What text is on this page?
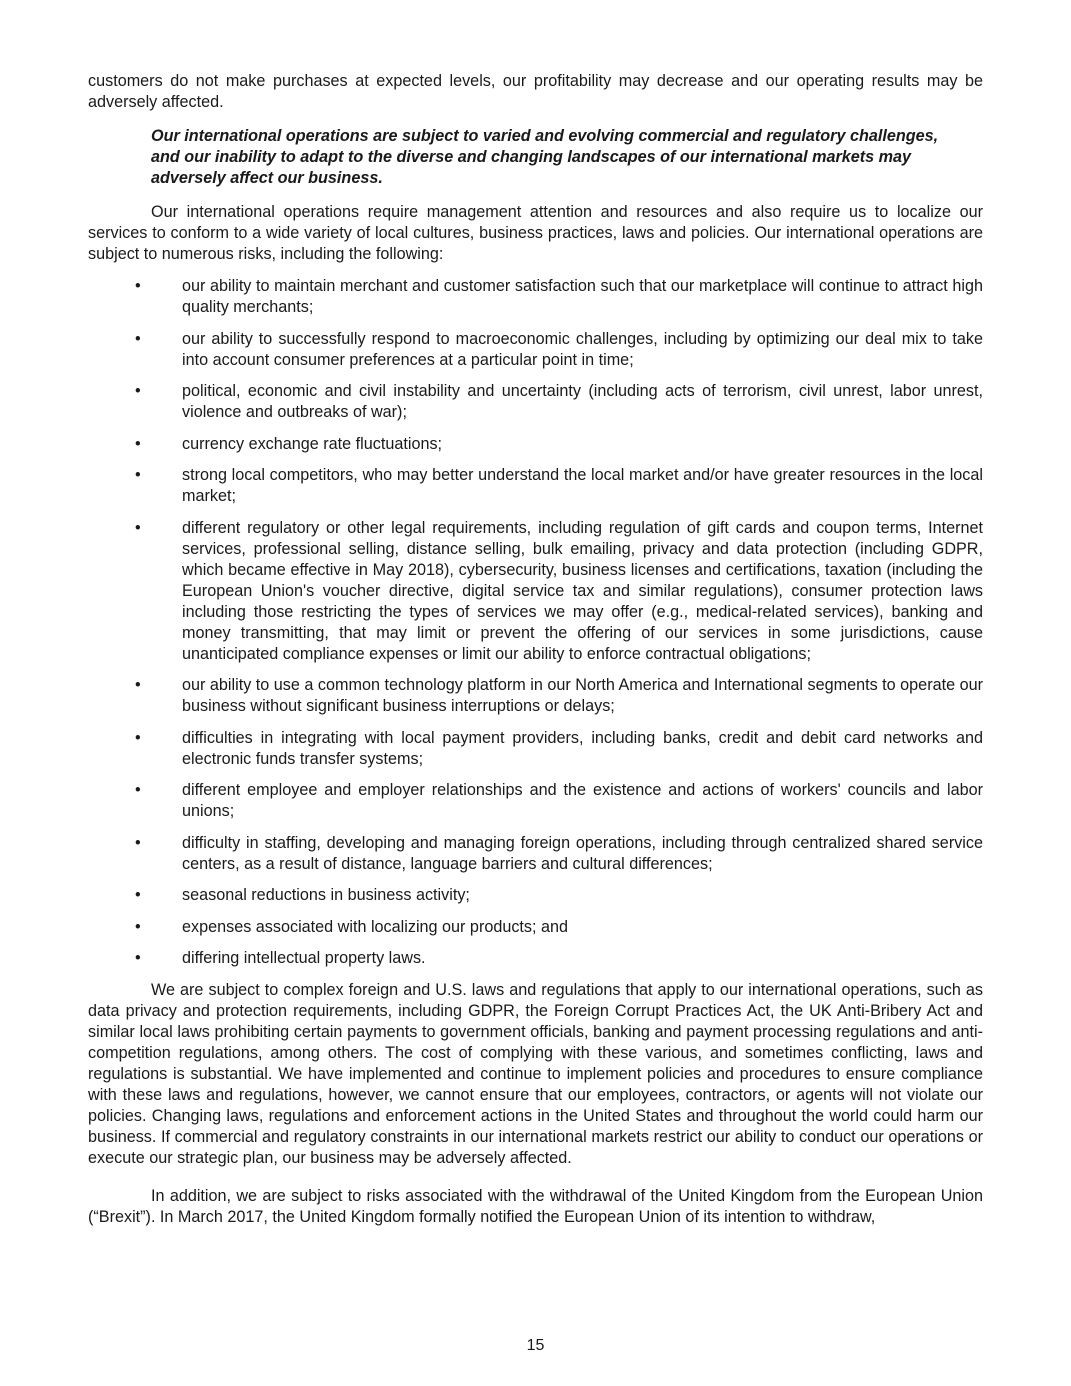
customers do not make purchases at expected levels, our profitability may decrease and our operating results may be adversely affected.

Our international operations are subject to varied and evolving commercial and regulatory challenges, and our inability to adapt to the diverse and changing landscapes of our international markets may adversely affect our business.

Our international operations require management attention and resources and also require us to localize our services to conform to a wide variety of local cultures, business practices, laws and policies. Our international operations are subject to numerous risks, including the following:

•	our ability to maintain merchant and customer satisfaction such that our marketplace will continue to attract high quality merchants;
•	our ability to successfully respond to macroeconomic challenges, including by optimizing our deal mix to take into account consumer preferences at a particular point in time;
•	political, economic and civil instability and uncertainty (including acts of terrorism, civil unrest, labor unrest, violence and outbreaks of war);
•	currency exchange rate fluctuations;
•	strong local competitors, who may better understand the local market and/or have greater resources in the local market;
•	different regulatory or other legal requirements, including regulation of gift cards and coupon terms, Internet services, professional selling, distance selling, bulk emailing, privacy and data protection (including GDPR, which became effective in May 2018), cybersecurity, business licenses and certifications, taxation (including the European Union's voucher directive, digital service tax and similar regulations), consumer protection laws including those restricting the types of services we may offer (e.g., medical-related services), banking and money transmitting, that may limit or prevent the offering of our services in some jurisdictions, cause unanticipated compliance expenses or limit our ability to enforce contractual obligations;
•	our ability to use a common technology platform in our North America and International segments to operate our business without significant business interruptions or delays;
•	difficulties in integrating with local payment providers, including banks, credit and debit card networks and electronic funds transfer systems;
•	different employee and employer relationships and the existence and actions of workers' councils and labor unions;
•	difficulty in staffing, developing and managing foreign operations, including through centralized shared service centers, as a result of distance, language barriers and cultural differences;
•	seasonal reductions in business activity;
•	expenses associated with localizing our products; and
•	differing intellectual property laws.

We are subject to complex foreign and U.S. laws and regulations that apply to our international operations, such as data privacy and protection requirements, including GDPR, the Foreign Corrupt Practices Act, the UK Anti-Bribery Act and similar local laws prohibiting certain payments to government officials, banking and payment processing regulations and anti-competition regulations, among others. The cost of complying with these various, and sometimes conflicting, laws and regulations is substantial. We have implemented and continue to implement policies and procedures to ensure compliance with these laws and regulations, however, we cannot ensure that our employees, contractors, or agents will not violate our policies. Changing laws, regulations and enforcement actions in the United States and throughout the world could harm our business. If commercial and regulatory constraints in our international markets restrict our ability to conduct our operations or execute our strategic plan, our business may be adversely affected.

In addition, we are subject to risks associated with the withdrawal of the United Kingdom from the European Union (“Brexit”). In March 2017, the United Kingdom formally notified the European Union of its intention to withdraw,

15
